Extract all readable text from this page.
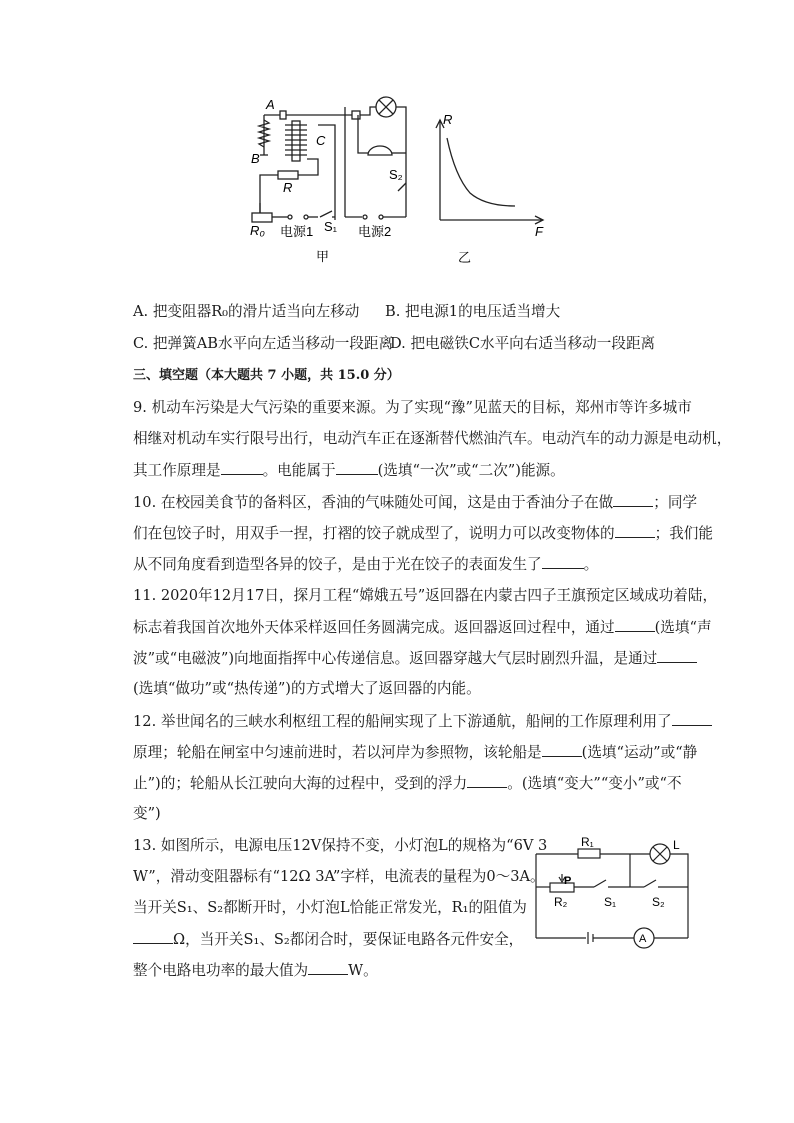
A
B
C
R
R₀	S₁
S₂
电源1	电源2
甲
R
F
乙
A. 把变阻器R₀的滑片适当向左移动 B. 把电源1的电压适当增大
C. 把弹簧AB水平向左适当移动一段距离
D. 把电磁铁C水平向右适当移动一段距离
三、填空题（本大题共 7 小题，共 15.0 分）
9. 机动车污染是大气污染的重要来源。为了实现“豫”见蓝天的目标，郑州市等许多城市
相继对机动车实行限号出行，电动汽车正在逐渐替代燃油汽车。电动汽车的动力源是电动机，
其工作原理是	。电能属于	(选填“一次”或“二次”)能源。
10. 在校园美食节的备料区，香油的气味随处可闻，这是由于香油分子在做	；同学
们在包饺子时，用双手一捏，打褶的饺子就成型了，说明力可以改变物体的	；我们能
从不同角度看到造型各异的饺子，是由于光在饺子的表面发生了	。
11. 2020年12月17日，探月工程“嫦娥五号”返回器在内蒙古四子王旗预定区域成功着陆，
标志着我国首次地外天体采样返回任务圆满完成。返回器返回过程中，通过	(选填“声
波”或“电磁波”)向地面指挥中心传递信息。返回器穿越大气层时剧烈升温，是通过
(选填“做功”或“热传递”)的方式增大了返回器的内能。
12. 举世闻名的三峡水利枢纽工程的船闸实现了上下游通航，船闸的工作原理利用了
原理；轮船在闸室中匀速前进时，若以河岸为参照物，该轮船是	(选填“运动”或“静
止”)的；轮船从长江驶向大海的过程中，受到的浮力	。(选填“变大”“变小”或“不
变”)
13. 如图所示，电源电压12V保持不变，小灯泡L的规格为“6V 3
W”，滑动变阻器标有“12Ω 3A”字样，电流表的量程为0～3A。
当开关S₁、S₂都断开时，小灯泡L恰能正常发光，R₁的阻值为
Ω，当开关S₁、S₂都闭合时，要保证电路各元件安全，
整个电路电功率的最大值为	W。
R₁	L
P
R₂	S₁	S₂
A
